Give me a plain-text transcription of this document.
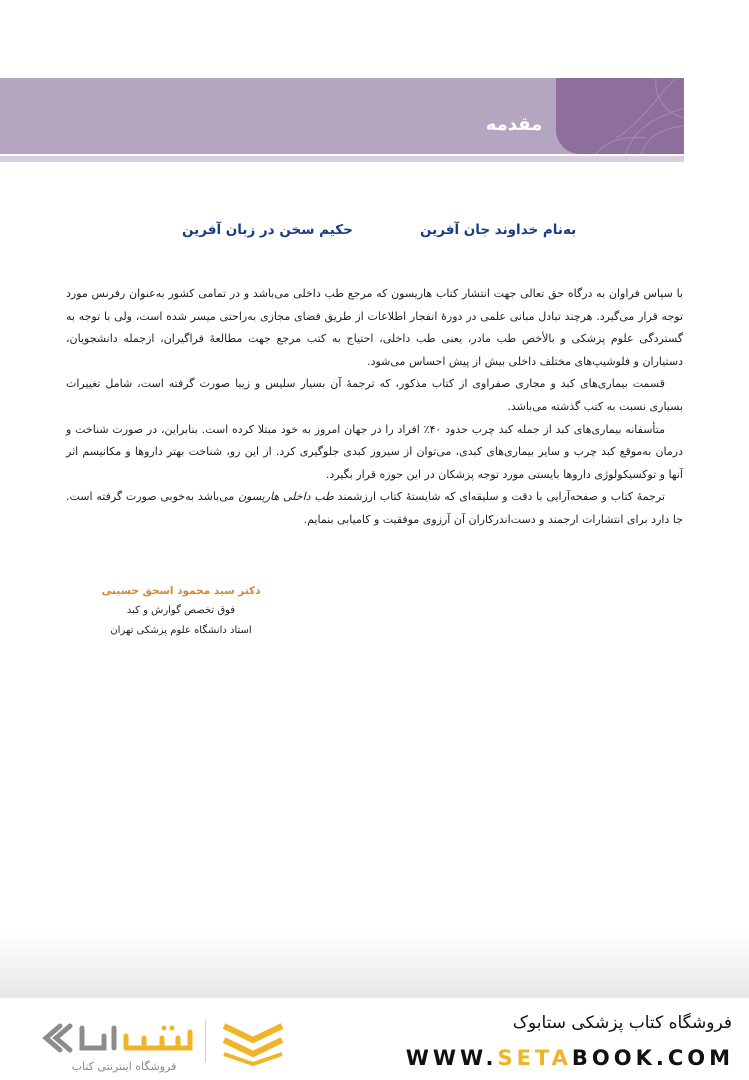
مقدمه
به‌نام خداوند جان آفرین
حکیم سخن در زبان آفرین

با سپاس فراوان به درگاه حق تعالی جهت انتشار کتاب هاریسون که مرجع طب داخلی می‌باشد و در تمامی کشور به‌عنوان رفرنس مورد توجه قرار می‌گیرد. هرچند تبادل مبانی علمی در دورهٔ انفجار اطلاعات از طریق فضای مجازی به‌راحتی میسر شده است، ولی با توجه به گستردگی علوم پزشکی و بالأخص طب مادر، یعنی طب داخلی، احتیاج به کتب مرجع جهت مطالعهٔ فراگیران، ازجمله دانشجویان، دستیاران و فلوشیپ‌های مختلف داخلی بیش از پیش احساس می‌شود.

قسمت بیماری‌های کبد و مجاری صفراوی از کتاب مذکور، که ترجمهٔ آن بسیار سلیس و زیبا صورت گرفته است، شامل تغییرات بسیاری نسبت به کتب گذشته می‌باشد.

متأسفانه بیماری‌های کبد از جمله کبد چرب حدود ۴۰٪ افراد را در جهان امروز به خود مبتلا کرده است. بنابراین، در صورت شناخت و درمان به‌موقع کبد چرب و سایر بیماری‌های کبدی، می‌توان از سیروز کبدی جلوگیری کرد. از این رو، شناخت بهتر داروها و مکانیسم اثر آنها و توکسیکولوژی داروها بایستی مورد توجه پزشکان در این حوزه قرار بگیرد.

ترجمهٔ کتاب و صفحه‌آرایی با دقت و سلیقه‌ای که شایستهٔ کتاب ارزشمند طب داخلی هاریسون می‌باشد به‌خوبی صورت گرفته است. جا دارد برای انتشارات ارجمند و دست‌اندرکاران آن آرزوی موفقیت و کامیابی بنمایم.

دکتر سید محمود اسحق حسینی
فوق تخصص گوارش و کبد
استاد دانشگاه علوم پزشکی تهران
فروشگاه اینترنتی کتاب
فروشگاه کتاب پزشکی ستابوک
WWW.SETABOOK.COM
